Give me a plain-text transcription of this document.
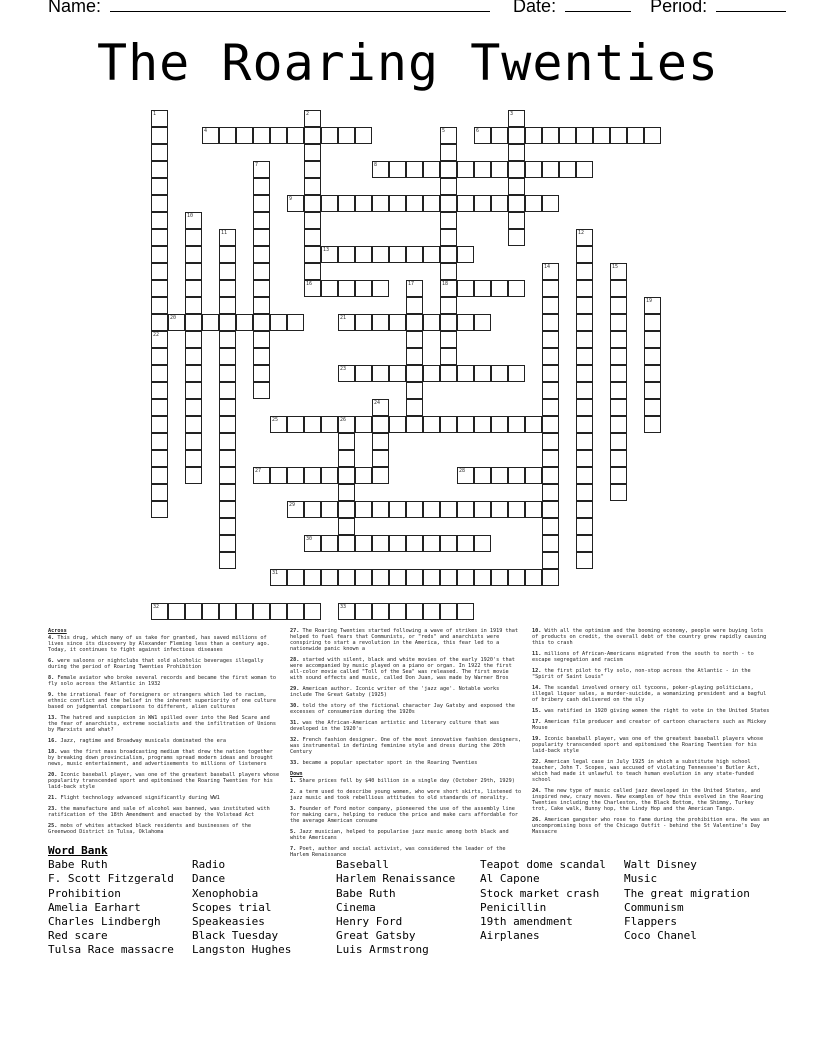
Name:	Date:	Period:
The Roaring Twenties
1	2	3
4	5	6
7	8
9
10
11	12
13
14	15
16	17	18
19
20	21
22
23
24
25	26
27	28
29
30
31
32	33
Across

4. This drug, which many of us take for granted, has saved millions of lives since its discovery by Alexander Fleming less than a century ago. Today, it continues to fight against infectious diseases

6. were saloons or nightclubs that sold alcoholic beverages illegally during the period of Roaring Twenties Prohibition

8. Female aviator who broke several records and became the first woman to fly solo across the Atlantic in 1932

9. the irrational fear of foreigners or strangers which led to racism, ethnic conflict and the belief in the inherent superiority of one culture based on judgmental comparisons to different, alien cultures

13. The hatred and suspicion in WW1 spilled over into the Red Scare and the fear of anarchists, extreme socialists and the infiltration of Unions by Marxists and what?

16. Jazz, ragtime and Broadway musicals dominated the era

18. was the first mass broadcasting medium that drew the nation together by breaking down provincialism, programs spread modern ideas and brought news, music entertainment, and advertisements to millions of listeners

20. Iconic baseball player, was one of the greatest baseball players whose popularity transcended sport and epitomised the Roaring Twenties for his laid-back style

21. Flight technology advanced significantly during WW1

23. the manufacture and sale of alcohol was banned, was instituted with ratification of the 18th Amendment and enacted by the Volstead Act

25. mobs of whites attacked black residents and businesses of the Greenwood District in Tulsa, Oklahoma

27. The Roaring Twenties started following a wave of strikes in 1919 that helped to fuel fears that Communists, or "reds" and anarchists were conspiring to start a revolution in the America, this fear led to a nationwide panic known a

28. started with silent, black and white movies of the early 1920's that were accompanied by music played on a piano or organ. In 1922 the first all-color movie called "Toll of the Sea" was released. The first movie with sound effects and music, called Don Juan, was made by Warner Bros

29. American author. Iconic writer of the 'jazz age'. Notable works include The Great Gatsby (1925)

30. told the story of the fictional character Jay Gatsby and exposed the excesses of consumerism during the 1920s

31. was the African-American artistic and literary culture that was developed in the 1920's

32. French fashion designer. One of the most innovative fashion designers, was instrumental in defining feminine style and dress during the 20th Century

33. became a popular spectator sport in the Roaring Twenties

Down

1. Share prices fell by $40 billion in a single day (October 29th, 1929)

2. a term used to describe young women, who wore short skirts, listened to jazz music and took rebellious attitudes to old standards of morality.

3. Founder of Ford motor company, pioneered the use of the assembly line for making cars, helping to reduce the price and make cars affordable for the average American consume

5. Jazz musician, helped to popularise jazz music among both black and white Americans

7. Poet, author and social activist, was considered the leader of the Harlem Renaissance

10. With all the optimism and the booming economy, people were buying lots of products on credit, the overall debt of the country grew rapidly causing this to crash

11. millions of African-Americans migrated from the south to north - to escape segregation and racism

12. the first pilot to fly solo, non-stop across the Atlantic - in the "Spirit of Saint Louis"

14. The scandal involved ornery oil tycoons, poker-playing politicians, illegal liquor sales, a murder-suicide, a womanizing president and a bagful of bribery cash delivered on the sly

15. was ratified in 1920 giving women the right to vote in the United States

17. American film producer and creator of cartoon characters such as Mickey Mouse

19. Iconic baseball player, was one of the greatest baseball players whose popularity transcended sport and epitomised the Roaring Twenties for his laid-back style

22. American legal case in July 1925 in which a substitute high school teacher, John T. Scopes, was accused of violating Tennessee's Butler Act, which had made it unlawful to teach human evolution in any state-funded school

24. The new type of music called jazz developed in the United States, and inspired new, crazy moves. New examples of how this evolved in the Roaring Twenties including the Charleston, the Black Bottom, the Shimmy, Turkey trot, Cake walk, Bunny hop, the Lindy Hop and the American Tango.

26. American gangster who rose to fame during the prohibition era. He was an uncompromising boss of the Chicago Outfit - behind the St Valentine's Day Massacre

Word Bank
Babe Ruth
F. Scott Fitzgerald
Prohibition
Amelia Earhart
Charles Lindbergh
Red scare
Tulsa Race massacre
Radio
Dance
Xenophobia
Scopes trial
Speakeasies
Black Tuesday
Langston Hughes
Baseball
Harlem Renaissance
Babe Ruth
Cinema
Henry Ford
Great Gatsby
Luis Armstrong
Teapot dome scandal
Al Capone
Stock market crash
Penicillin
19th amendment
Airplanes
Walt Disney
Music
The great migration
Communism
Flappers
Coco Chanel
